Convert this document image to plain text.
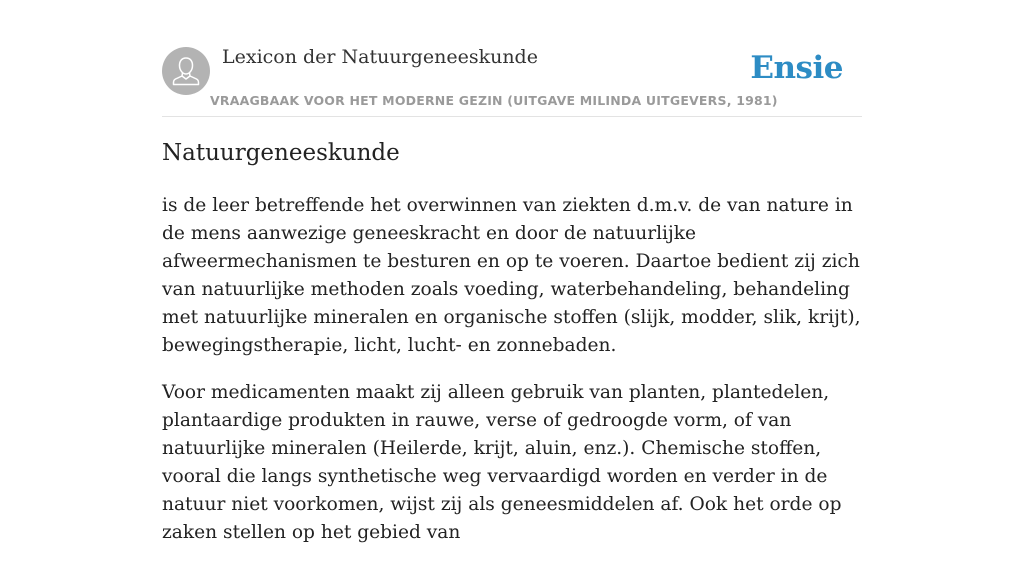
Lexicon der Natuurgeneeskunde
VRAAGBAAK VOOR HET MODERNE GEZIN (UITGAVE MILINDA UITGEVERS, 1981)
Ensie
Natuurgeneeskunde

is de leer betreffende het overwinnen van ziekten d.m.v. de van nature in de mens aanwezige geneeskracht en door de natuurlijke afweermechanismen te besturen en op te voeren. Daartoe bedient zij zich van natuurlijke methoden zoals voeding, waterbehandeling, behandeling met natuurlijke mineralen en organische stoffen (slijk, modder, slik, krijt), bewegingstherapie, licht, lucht- en zonnebaden.

Voor medicamenten maakt zij alleen gebruik van planten, plantedelen, plantaardige produkten in rauwe, verse of gedroogde vorm, of van natuurlijke mineralen (Heilerde, krijt, aluin, enz.). Chemische stoffen, vooral die langs synthetische weg vervaardigd worden en verder in de natuur niet voorkomen, wijst zij als geneesmiddelen af. Ook het orde op zaken stellen op het gebied van
